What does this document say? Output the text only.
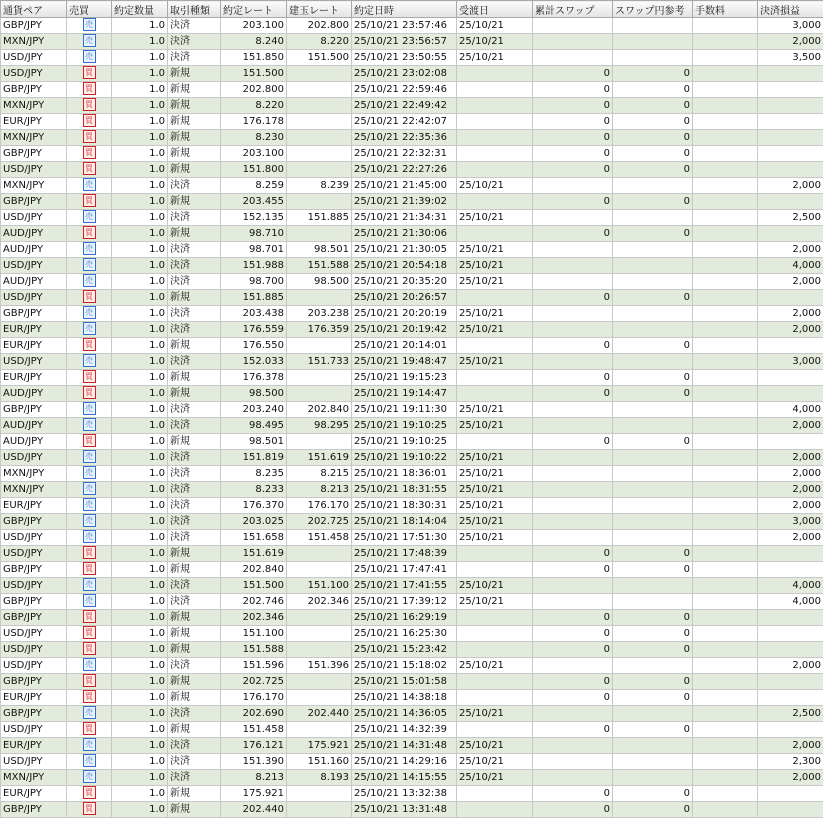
通貨ペア	売買	約定数量	取引種類	約定レート	建玉レート	約定日時	受渡日	累計スワップ	スワップ円参考	手数料	決済損益
GBP/JPY	売	1.0	決済	203.100	202.800	25/10/21 23:57:46	25/10/21				3,000
MXN/JPY	売	1.0	決済	8.240	8.220	25/10/21 23:56:57	25/10/21				2,000
USD/JPY	売	1.0	決済	151.850	151.500	25/10/21 23:50:55	25/10/21				3,500
USD/JPY	買	1.0	新規	151.500		25/10/21 23:02:08		0	0		
GBP/JPY	買	1.0	新規	202.800		25/10/21 22:59:46		0	0		
MXN/JPY	買	1.0	新規	8.220		25/10/21 22:49:42		0	0		
EUR/JPY	買	1.0	新規	176.178		25/10/21 22:42:07		0	0		
MXN/JPY	買	1.0	新規	8.230		25/10/21 22:35:36		0	0		
GBP/JPY	買	1.0	新規	203.100		25/10/21 22:32:31		0	0		
USD/JPY	買	1.0	新規	151.800		25/10/21 22:27:26		0	0		
MXN/JPY	売	1.0	決済	8.259	8.239	25/10/21 21:45:00	25/10/21				2,000
GBP/JPY	買	1.0	新規	203.455		25/10/21 21:39:02		0	0		
USD/JPY	売	1.0	決済	152.135	151.885	25/10/21 21:34:31	25/10/21				2,500
AUD/JPY	買	1.0	新規	98.710		25/10/21 21:30:06		0	0		
AUD/JPY	売	1.0	決済	98.701	98.501	25/10/21 21:30:05	25/10/21				2,000
USD/JPY	売	1.0	決済	151.988	151.588	25/10/21 20:54:18	25/10/21				4,000
AUD/JPY	売	1.0	決済	98.700	98.500	25/10/21 20:35:20	25/10/21				2,000
USD/JPY	買	1.0	新規	151.885		25/10/21 20:26:57		0	0		
GBP/JPY	売	1.0	決済	203.438	203.238	25/10/21 20:20:19	25/10/21				2,000
EUR/JPY	売	1.0	決済	176.559	176.359	25/10/21 20:19:42	25/10/21				2,000
EUR/JPY	買	1.0	新規	176.550		25/10/21 20:14:01		0	0		
USD/JPY	売	1.0	決済	152.033	151.733	25/10/21 19:48:47	25/10/21				3,000
EUR/JPY	買	1.0	新規	176.378		25/10/21 19:15:23		0	0		
AUD/JPY	買	1.0	新規	98.500		25/10/21 19:14:47		0	0		
GBP/JPY	売	1.0	決済	203.240	202.840	25/10/21 19:11:30	25/10/21				4,000
AUD/JPY	売	1.0	決済	98.495	98.295	25/10/21 19:10:25	25/10/21				2,000
AUD/JPY	買	1.0	新規	98.501		25/10/21 19:10:25		0	0		
USD/JPY	売	1.0	決済	151.819	151.619	25/10/21 19:10:22	25/10/21				2,000
MXN/JPY	売	1.0	決済	8.235	8.215	25/10/21 18:36:01	25/10/21				2,000
MXN/JPY	売	1.0	決済	8.233	8.213	25/10/21 18:31:55	25/10/21				2,000
EUR/JPY	売	1.0	決済	176.370	176.170	25/10/21 18:30:31	25/10/21				2,000
GBP/JPY	売	1.0	決済	203.025	202.725	25/10/21 18:14:04	25/10/21				3,000
USD/JPY	売	1.0	決済	151.658	151.458	25/10/21 17:51:30	25/10/21				2,000
USD/JPY	買	1.0	新規	151.619		25/10/21 17:48:39		0	0		
GBP/JPY	買	1.0	新規	202.840		25/10/21 17:47:41		0	0		
USD/JPY	売	1.0	決済	151.500	151.100	25/10/21 17:41:55	25/10/21				4,000
GBP/JPY	売	1.0	決済	202.746	202.346	25/10/21 17:39:12	25/10/21				4,000
GBP/JPY	買	1.0	新規	202.346		25/10/21 16:29:19		0	0		
USD/JPY	買	1.0	新規	151.100		25/10/21 16:25:30		0	0		
USD/JPY	買	1.0	新規	151.588		25/10/21 15:23:42		0	0		
USD/JPY	売	1.0	決済	151.596	151.396	25/10/21 15:18:02	25/10/21				2,000
GBP/JPY	買	1.0	新規	202.725		25/10/21 15:01:58		0	0		
EUR/JPY	買	1.0	新規	176.170		25/10/21 14:38:18		0	0		
GBP/JPY	売	1.0	決済	202.690	202.440	25/10/21 14:36:05	25/10/21				2,500
USD/JPY	買	1.0	新規	151.458		25/10/21 14:32:39		0	0		
EUR/JPY	売	1.0	決済	176.121	175.921	25/10/21 14:31:48	25/10/21				2,000
USD/JPY	売	1.0	決済	151.390	151.160	25/10/21 14:29:16	25/10/21				2,300
MXN/JPY	売	1.0	決済	8.213	8.193	25/10/21 14:15:55	25/10/21				2,000
EUR/JPY	買	1.0	新規	175.921		25/10/21 13:32:38		0	0		
GBP/JPY	買	1.0	新規	202.440		25/10/21 13:31:48		0	0		
